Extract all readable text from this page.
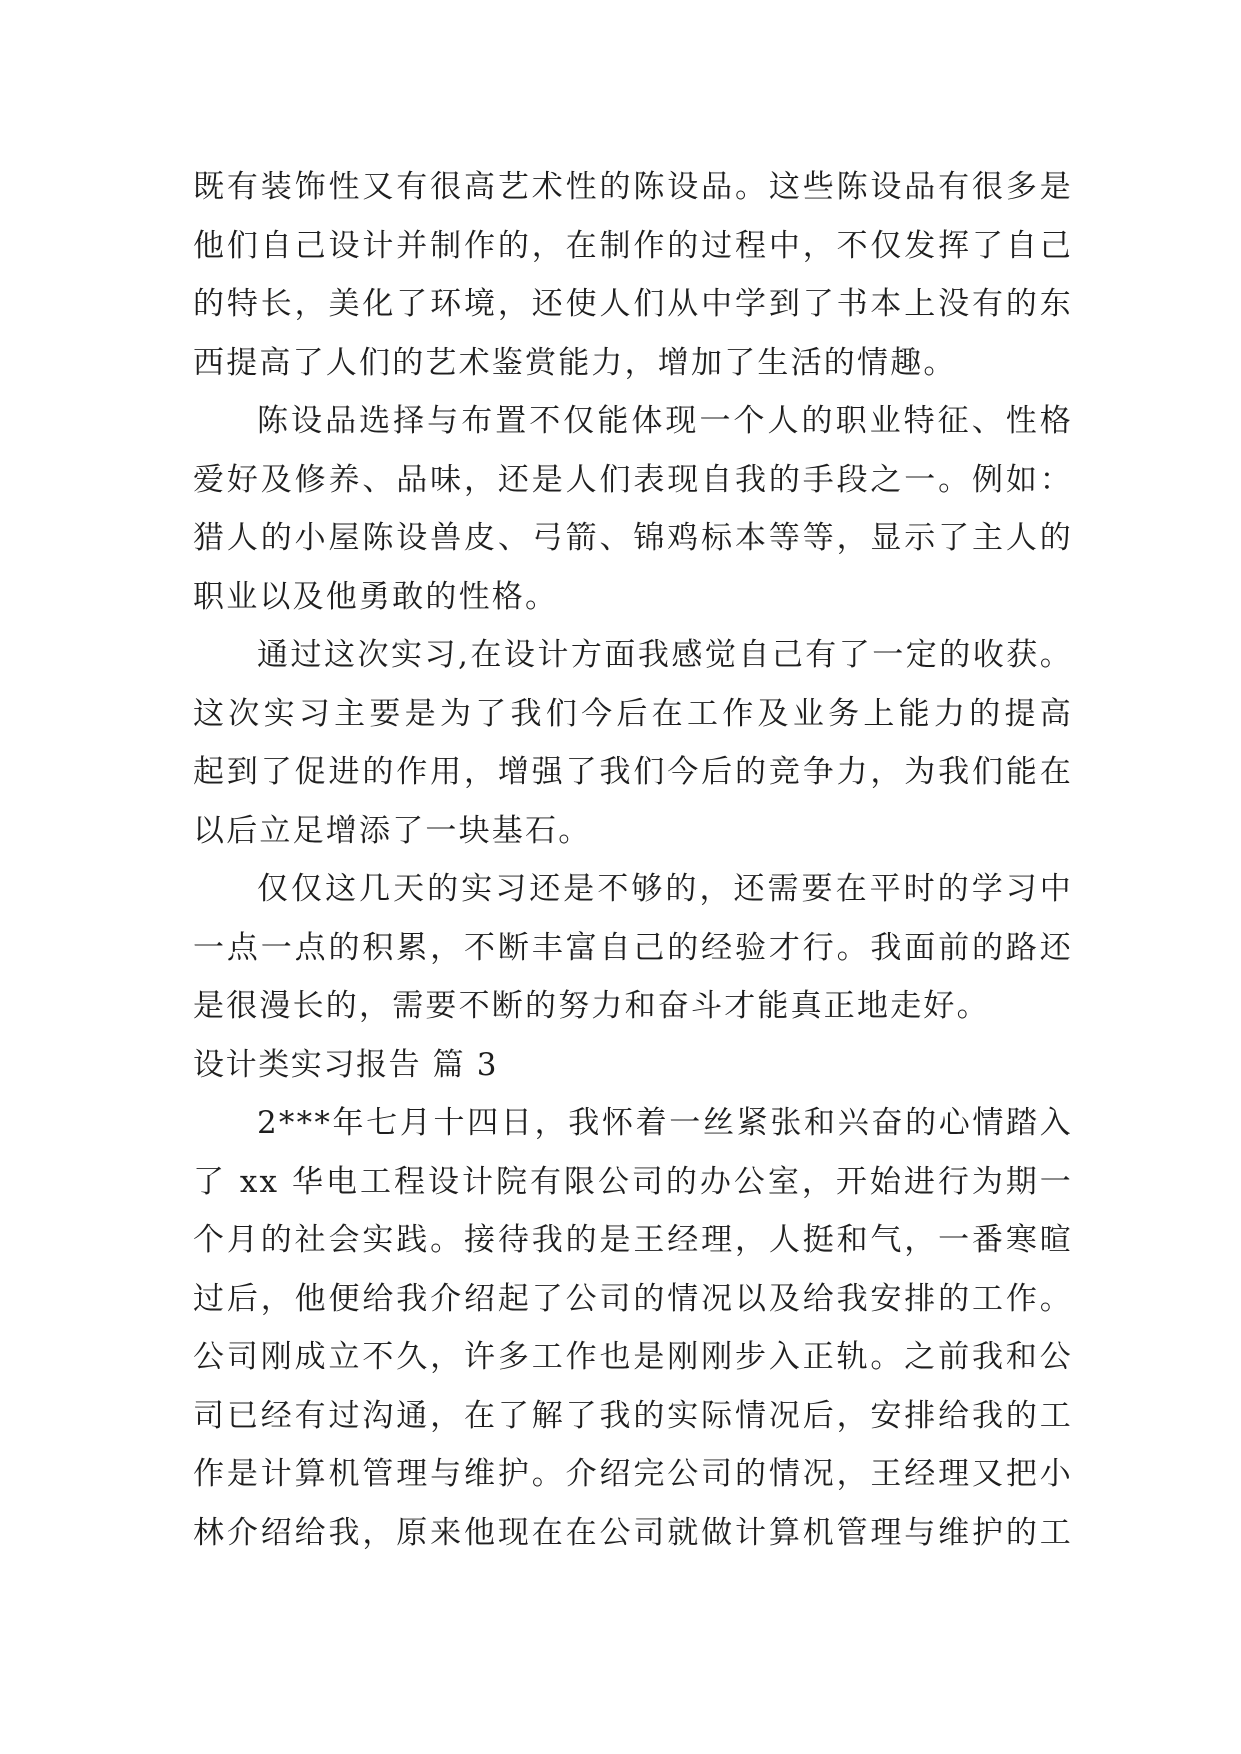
既有装饰性又有很高艺术性的陈设品。这些陈设品有很多是
他们自己设计并制作的，在制作的过程中，不仅发挥了自己
的特长，美化了环境，还使人们从中学到了书本上没有的东
西提高了人们的艺术鉴赏能力，增加了生活的情趣。
陈设品选择与布置不仅能体现一个人的职业特征、性格
爱好及修养、品味，还是人们表现自我的手段之一。例如：
猎人的小屋陈设兽皮、弓箭、锦鸡标本等等，显示了主人的
职业以及他勇敢的性格。
通过这次实习,在设计方面我感觉自己有了一定的收获。
这次实习主要是为了我们今后在工作及业务上能力的提高
起到了促进的作用，增强了我们今后的竞争力，为我们能在
以后立足增添了一块基石。
仅仅这几天的实习还是不够的，还需要在平时的学习中
一点一点的积累，不断丰富自己的经验才行。我面前的路还
是很漫长的，需要不断的努力和奋斗才能真正地走好。
设计类实习报告 篇 3
2***年七月十四日，我怀着一丝紧张和兴奋的心情踏入
了 xx 华电工程设计院有限公司的办公室，开始进行为期一
个月的社会实践。接待我的是王经理，人挺和气，一番寒暄
过后，他便给我介绍起了公司的情况以及给我安排的工作。
公司刚成立不久，许多工作也是刚刚步入正轨。之前我和公
司已经有过沟通，在了解了我的实际情况后，安排给我的工
作是计算机管理与维护。介绍完公司的情况，王经理又把小
林介绍给我，原来他现在在公司就做计算机管理与维护的工
